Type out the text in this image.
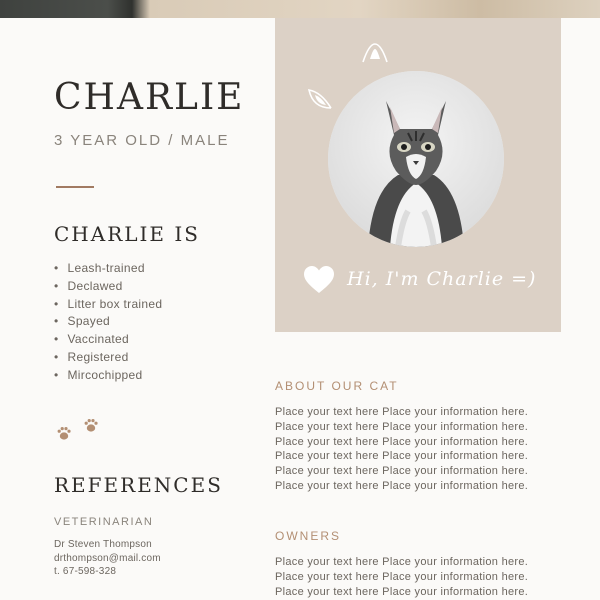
CHARLIE

3 YEAR OLD / MALE

CHARLIE IS
• Leash-trained
• Declawed
• Litter box trained
• Spayed
• Vaccinated
• Registered
• Mircochipped
REFERENCES

VETERINARIAN

Dr Steven Thompson
drthompson@mail.com
t. 67-598-328
Hi, I'm Charlie =)
ABOUT OUR CAT

Place your text here Place your information here.

Place your text here Place your information here.

Place your text here Place your information here.

Place your text here Place your information here.

Place your text here Place your information here.

Place your text here Place your information here.

OWNERS

Place your text here Place your information here.

Place your text here Place your information here.

Place your text here Place your information here.
